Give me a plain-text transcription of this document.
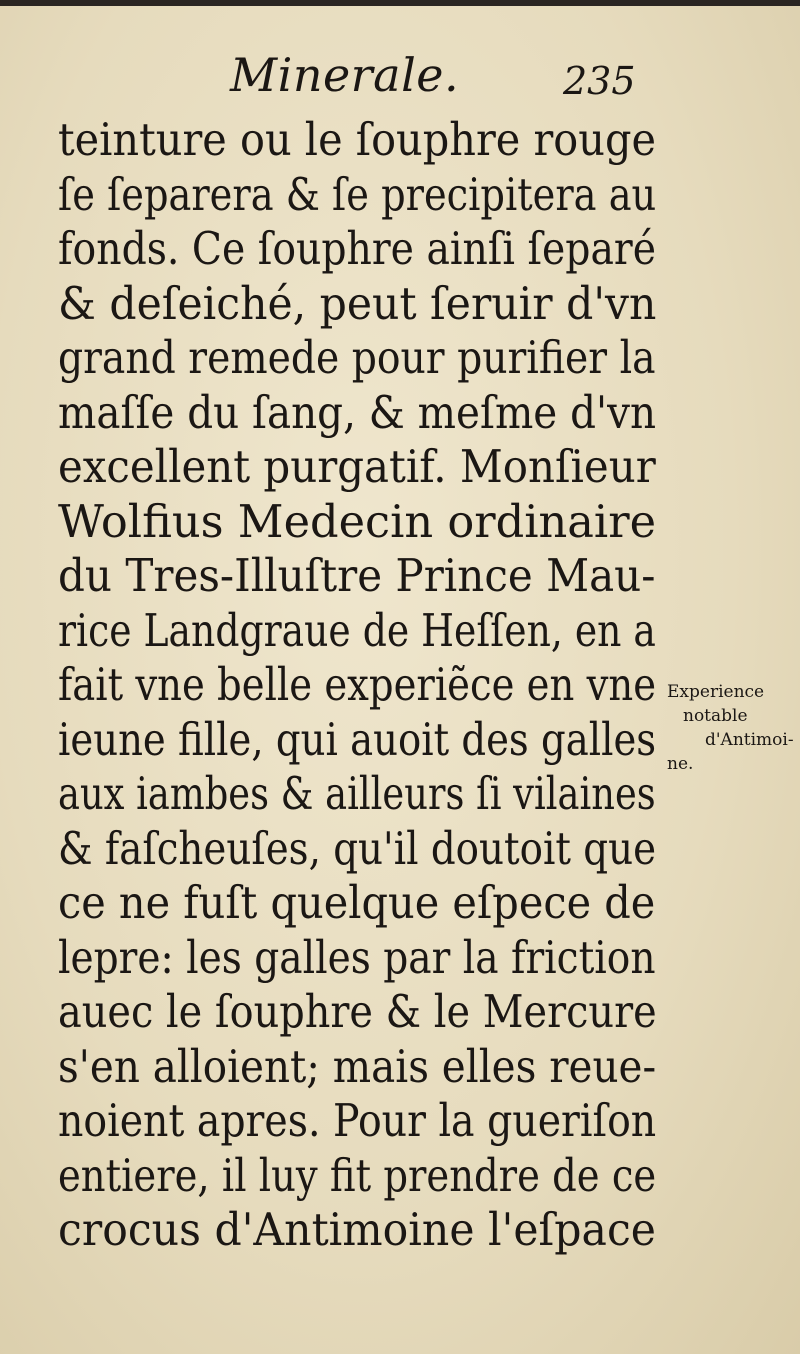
Minerale.	235
teinture ou le ſouphre rouge
ſe ſeparera & ſe precipitera au
fonds. Ce ſouphre ainſi ſeparé
& deſeiché, peut ſeruir d'vn
grand remede pour purifier la
maſſe du ſang, & meſme d'vn
excellent purgatif. Monſieur
Wolfius Medecin ordinaire
du Tres-Illuſtre Prince Mau-
rice Landgraue de Heſſen, en a
fait vne belle experiẽce en vne
ieune fille, qui auoit des galles
aux iambes & ailleurs ſi vilaines
& faſcheuſes, qu'il doutoit que
ce ne fuſt quelque eſpece de
lepre: les galles par la friction
auec le ſouphre & le Mercure
s'en alloient; mais elles reue-
noient apres. Pour la gueriſon
entiere, il luy fit prendre de ce
crocus d'Antimoine l'eſpace
Experience
notable
d'Antimoi-
ne.
